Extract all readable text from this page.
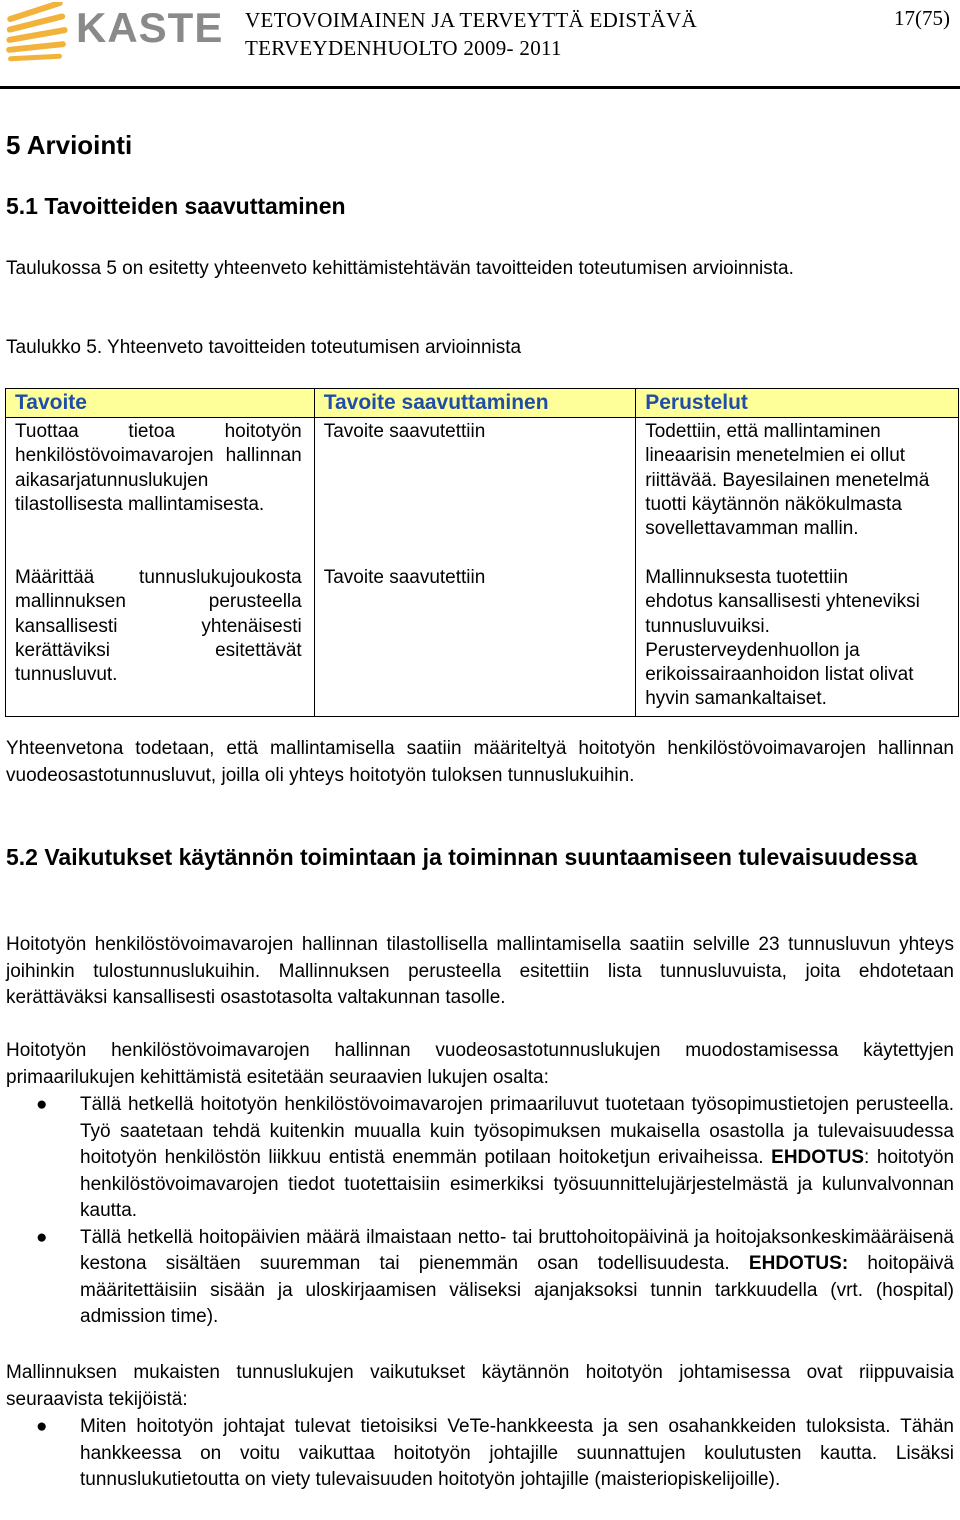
KASTE VETOVOIMAINEN JA TERVEYTTÄ EDISTÄVÄ
TERVEYDENHUOLTO 2009- 2011
17(75)
5 Arviointi
5.1 Tavoitteiden saavuttaminen

Taulukossa 5 on esitetty yhteenveto kehittämistehtävän tavoitteiden toteutumisen arvioinnista.

Taulukko 5. Yhteenveto tavoitteiden toteutumisen arvioinnista

Tavoite	Tavoite saavuttaminen	Perustelut
Tuottaa tietoa hoitotyön henkilöstövoimavarojen hallinnan aikasarjatunnuslukujen tilastollisesta mallintamisesta.	Tavoite saavutettiin	Todettiin, että mallintaminen lineaarisin menetelmien ei ollut riittävää. Bayesilainen menetelmä tuotti käytännön näkökulmasta sovellettavamman mallin.
Määrittää tunnuslukujoukosta mallinnuksen perusteella kansallisesti yhtenäisesti kerättäviksi esitettävät tunnusluvut.	Tavoite saavutettiin	Mallinnuksesta tuotettiin ehdotus kansallisesti yhteneviksi tunnusluvuiksi. Perusterveydenhuollon ja erikoissairaanhoidon listat olivat hyvin samankaltaiset.

Yhteenvetona todetaan, että mallintamisella saatiin määriteltyä hoitotyön henkilöstövoimavarojen hallinnan vuodeosastotunnusluvut, joilla oli yhteys hoitotyön tuloksen tunnuslukuihin.

5.2 Vaikutukset käytännön toimintaan ja toiminnan suuntaamiseen tulevaisuudessa

Hoitotyön henkilöstövoimavarojen hallinnan tilastollisella mallintamisella saatiin selville 23 tunnusluvun yhteys joihinkin tulostunnuslukuihin. Mallinnuksen perusteella esitettiin lista tunnusluvuista, joita ehdotetaan kerättäväksi kansallisesti osastotasolta valtakunnan tasolle.

Hoitotyön henkilöstövoimavarojen hallinnan vuodeosastotunnuslukujen muodostamisessa käytettyjen primaarilukujen kehittämistä esitetään seuraavien lukujen osalta:

● Tällä hetkellä hoitotyön henkilöstövoimavarojen primaariluvut tuotetaan työsopimustietojen perusteella. Työ saatetaan tehdä kuitenkin muualla kuin työsopimuksen mukaisella osastolla ja tulevaisuudessa hoitotyön henkilöstön liikkuu entistä enemmän potilaan hoitoketjun erivaiheissa. EHDOTUS: hoitotyön henkilöstövoimavarojen tiedot tuotettaisiin esimerkiksi työsuunnittelujärjestelmästä ja kulunvalvonnan kautta.
● Tällä hetkellä hoitopäivien määrä ilmaistaan netto- tai bruttohoitopäivinä ja hoitojaksonkeskimääräisenä kestona sisältäen suuremman tai pienemmän osan todellisuudesta. EHDOTUS: hoitopäivä määritettäisiin sisään ja uloskirjaamisen väliseksi ajanjaksoksi tunnin tarkkuudella (vrt. (hospital) admission time).

Mallinnuksen mukaisten tunnuslukujen vaikutukset käytännön hoitotyön johtamisessa ovat riippuvaisia seuraavista tekijöistä:

● Miten hoitotyön johtajat tulevat tietoisiksi VeTe-hankkeesta ja sen osahankkeiden tuloksista. Tähän hankkeessa on voitu vaikuttaa hoitotyön johtajille suunnattujen koulutusten kautta. Lisäksi tunnuslukutietoutta on viety tulevaisuuden hoitotyön johtajille (maisteriopiskelijoille).
